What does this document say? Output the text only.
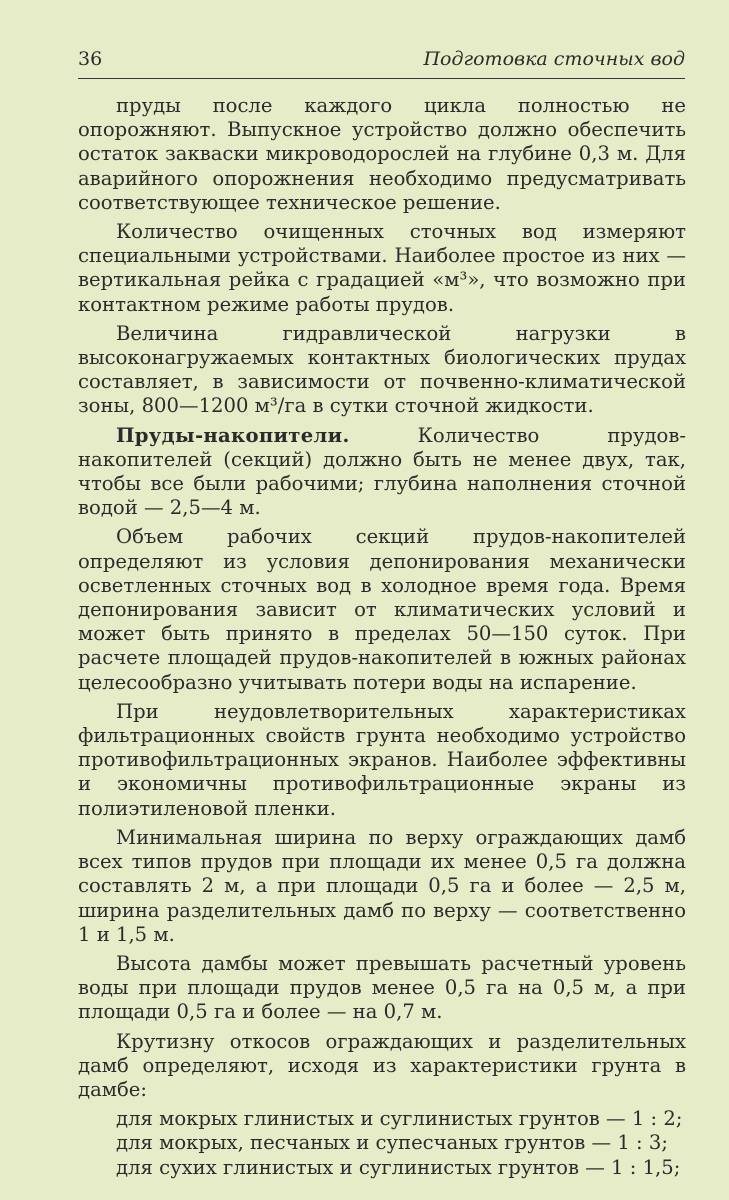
36	Подготовка сточных вод

пруды после каждого цикла полностью не опорожняют. Выпускное устройство должно обеспечить остаток закваски микроводорослей на глубине 0,3 м. Для аварийного опорожнения необходимо предусматривать соответствующее техническое решение.

Количество очищенных сточных вод измеряют специальными устройствами. Наиболее простое из них — вертикальная рейка с градацией «м³», что возможно при контактном режиме работы прудов.

Величина гидравлической нагрузки в высоконагружаемых контактных биологических прудах составляет, в зависимости от почвенно-климатической зоны, 800—1200 м³/га в сутки сточной жидкости.

Пруды-накопители.	Количество прудов-накопителей (секций) должно быть не менее двух, так, чтобы все были рабочими; глубина наполнения сточной водой — 2,5—4 м.

Объем рабочих секций прудов-накопителей определяют из условия депонирования механически осветленных сточных вод в холодное время года. Время депонирования зависит от климатических условий и может быть принято в пределах 50—150 суток. При расчете площадей прудов-накопителей в южных районах целесообразно учитывать потери воды на испарение.

При неудовлетворительных характеристиках фильтрационных свойств грунта необходимо устройство противофильтрационных экранов. Наиболее эффективны и экономичны противофильтрационные экраны из полиэтиленовой пленки.

Минимальная ширина по верху ограждающих дамб всех типов прудов при площади их менее 0,5 га должна составлять 2 м, а при площади 0,5 га и более — 2,5 м, ширина разделительных дамб по верху — соответственно 1 и 1,5 м.

Высота дамбы может превышать расчетный уровень воды при площади прудов менее 0,5 га на 0,5 м, а при площади 0,5 га и более — на 0,7 м.

Крутизну откосов ограждающих и разделительных дамб определяют, исходя из характеристики грунта в дамбе:

для мокрых глинистых и суглинистых грунтов — 1 : 2;
для мокрых, песчаных и супесчаных грунтов — 1 : 3;
для сухих глинистых и суглинистых грунтов — 1 : 1,5;
